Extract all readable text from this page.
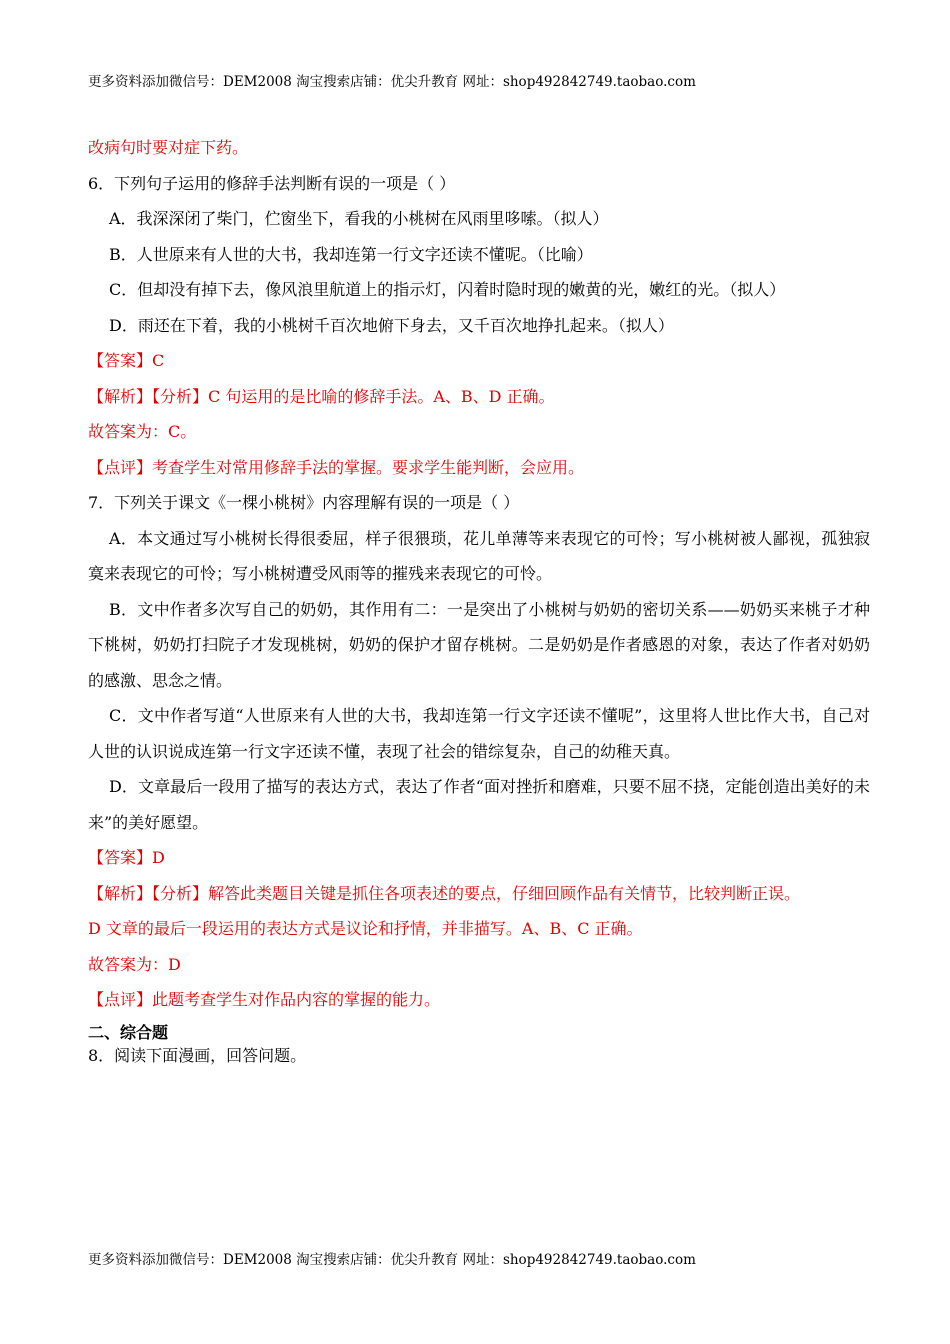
更多资料添加微信号：DEM2008 淘宝搜索店铺：优尖升教育 网址：shop492842749.taobao.com

改病句时要对症下药。

6．下列句子运用的修辞手法判断有误的一项是（ ）

A．我深深闭了柴门，伫窗坐下，看我的小桃树在风雨里哆嗦。（拟人）

B．人世原来有人世的大书，我却连第一行文字还读不懂呢。（比喻）

C．但却没有掉下去，像风浪里航道上的指示灯，闪着时隐时现的嫩黄的光，嫩红的光。（拟人）

D．雨还在下着，我的小桃树千百次地俯下身去，又千百次地挣扎起来。（拟人）

【答案】C

【解析】【分析】C 句运用的是比喻的修辞手法。A、B、D 正确。

故答案为：C。

【点评】考查学生对常用修辞手法的掌握。要求学生能判断，会应用。

7．下列关于课文《一棵小桃树》内容理解有误的一项是（ ）

A．本文通过写小桃树长得很委屈，样子很猥琐，花儿单薄等来表现它的可怜；写小桃树被人鄙视，孤独寂寞来表现它的可怜；写小桃树遭受风雨等的摧残来表现它的可怜。

B．文中作者多次写自己的奶奶，其作用有二：一是突出了小桃树与奶奶的密切关系——奶奶买来桃子才种下桃树，奶奶打扫院子才发现桃树，奶奶的保护才留存桃树。二是奶奶是作者感恩的对象，表达了作者对奶奶的感激、思念之情。

C．文中作者写道“人世原来有人世的大书，我却连第一行文字还读不懂呢”，这里将人世比作大书，自己对人世的认识说成连第一行文字还读不懂，表现了社会的错综复杂，自己的幼稚天真。

D．文章最后一段用了描写的表达方式，表达了作者“面对挫折和磨难，只要不屈不挠，定能创造出美好的未来”的美好愿望。

【答案】D

【解析】【分析】解答此类题目关键是抓住各项表述的要点，仔细回顾作品有关情节，比较判断正误。

D 文章的最后一段运用的表达方式是议论和抒情，并非描写。A、B、C 正确。

故答案为：D

【点评】此题考查学生对作品内容的掌握的能力。

二、综合题

8．阅读下面漫画，回答问题。

更多资料添加微信号：DEM2008 淘宝搜索店铺：优尖升教育 网址：shop492842749.taobao.com
